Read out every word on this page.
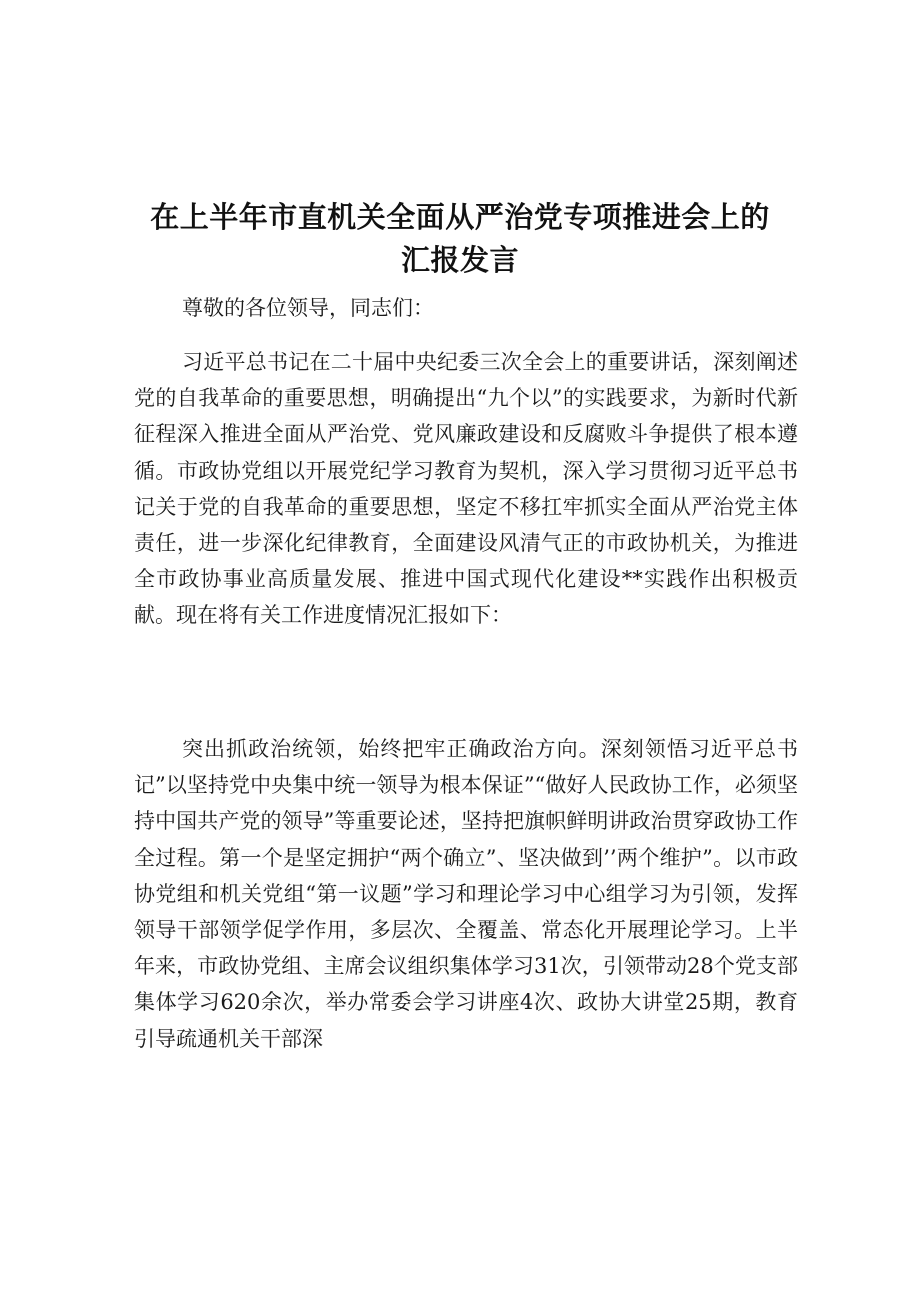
在上半年市直机关全面从严治党专项推进会上的汇报发言

尊敬的各位领导，同志们：

习近平总书记在二十届中央纪委三次全会上的重要讲话，深刻阐述党的自我革命的重要思想，明确提出“九个以”的实践要求，为新时代新征程深入推进全面从严治党、党风廉政建设和反腐败斗争提供了根本遵循。市政协党组以开展党纪学习教育为契机，深入学习贯彻习近平总书记关于党的自我革命的重要思想，坚定不移扛牢抓实全面从严治党主体责任，进一步深化纪律教育，全面建设风清气正的市政协机关，为推进全市政协事业高质量发展、推进中国式现代化建设**实践作出积极贡献。现在将有关工作进度情况汇报如下：

突出抓政治统领，始终把牢正确政治方向。深刻领悟习近平总书记”以坚持党中央集中统一领导为根本保证”“做好人民政协工作，必须坚持中国共产党的领导”等重要论述，坚持把旗帜鲜明讲政治贯穿政协工作全过程。第一个是坚定拥护“两个确立”、坚决做到’’两个维护”。以市政协党组和机关党组“第一议题”学习和理论学习中心组学习为引领，发挥领导干部领学促学作用，多层次、全覆盖、常态化开展理论学习。上半年来，市政协党组、主席会议组织集体学习31次，引领带动28个党支部集体学习620余次，举办常委会学习讲座4次、政协大讲堂25期，教育引导疏通机关干部深
